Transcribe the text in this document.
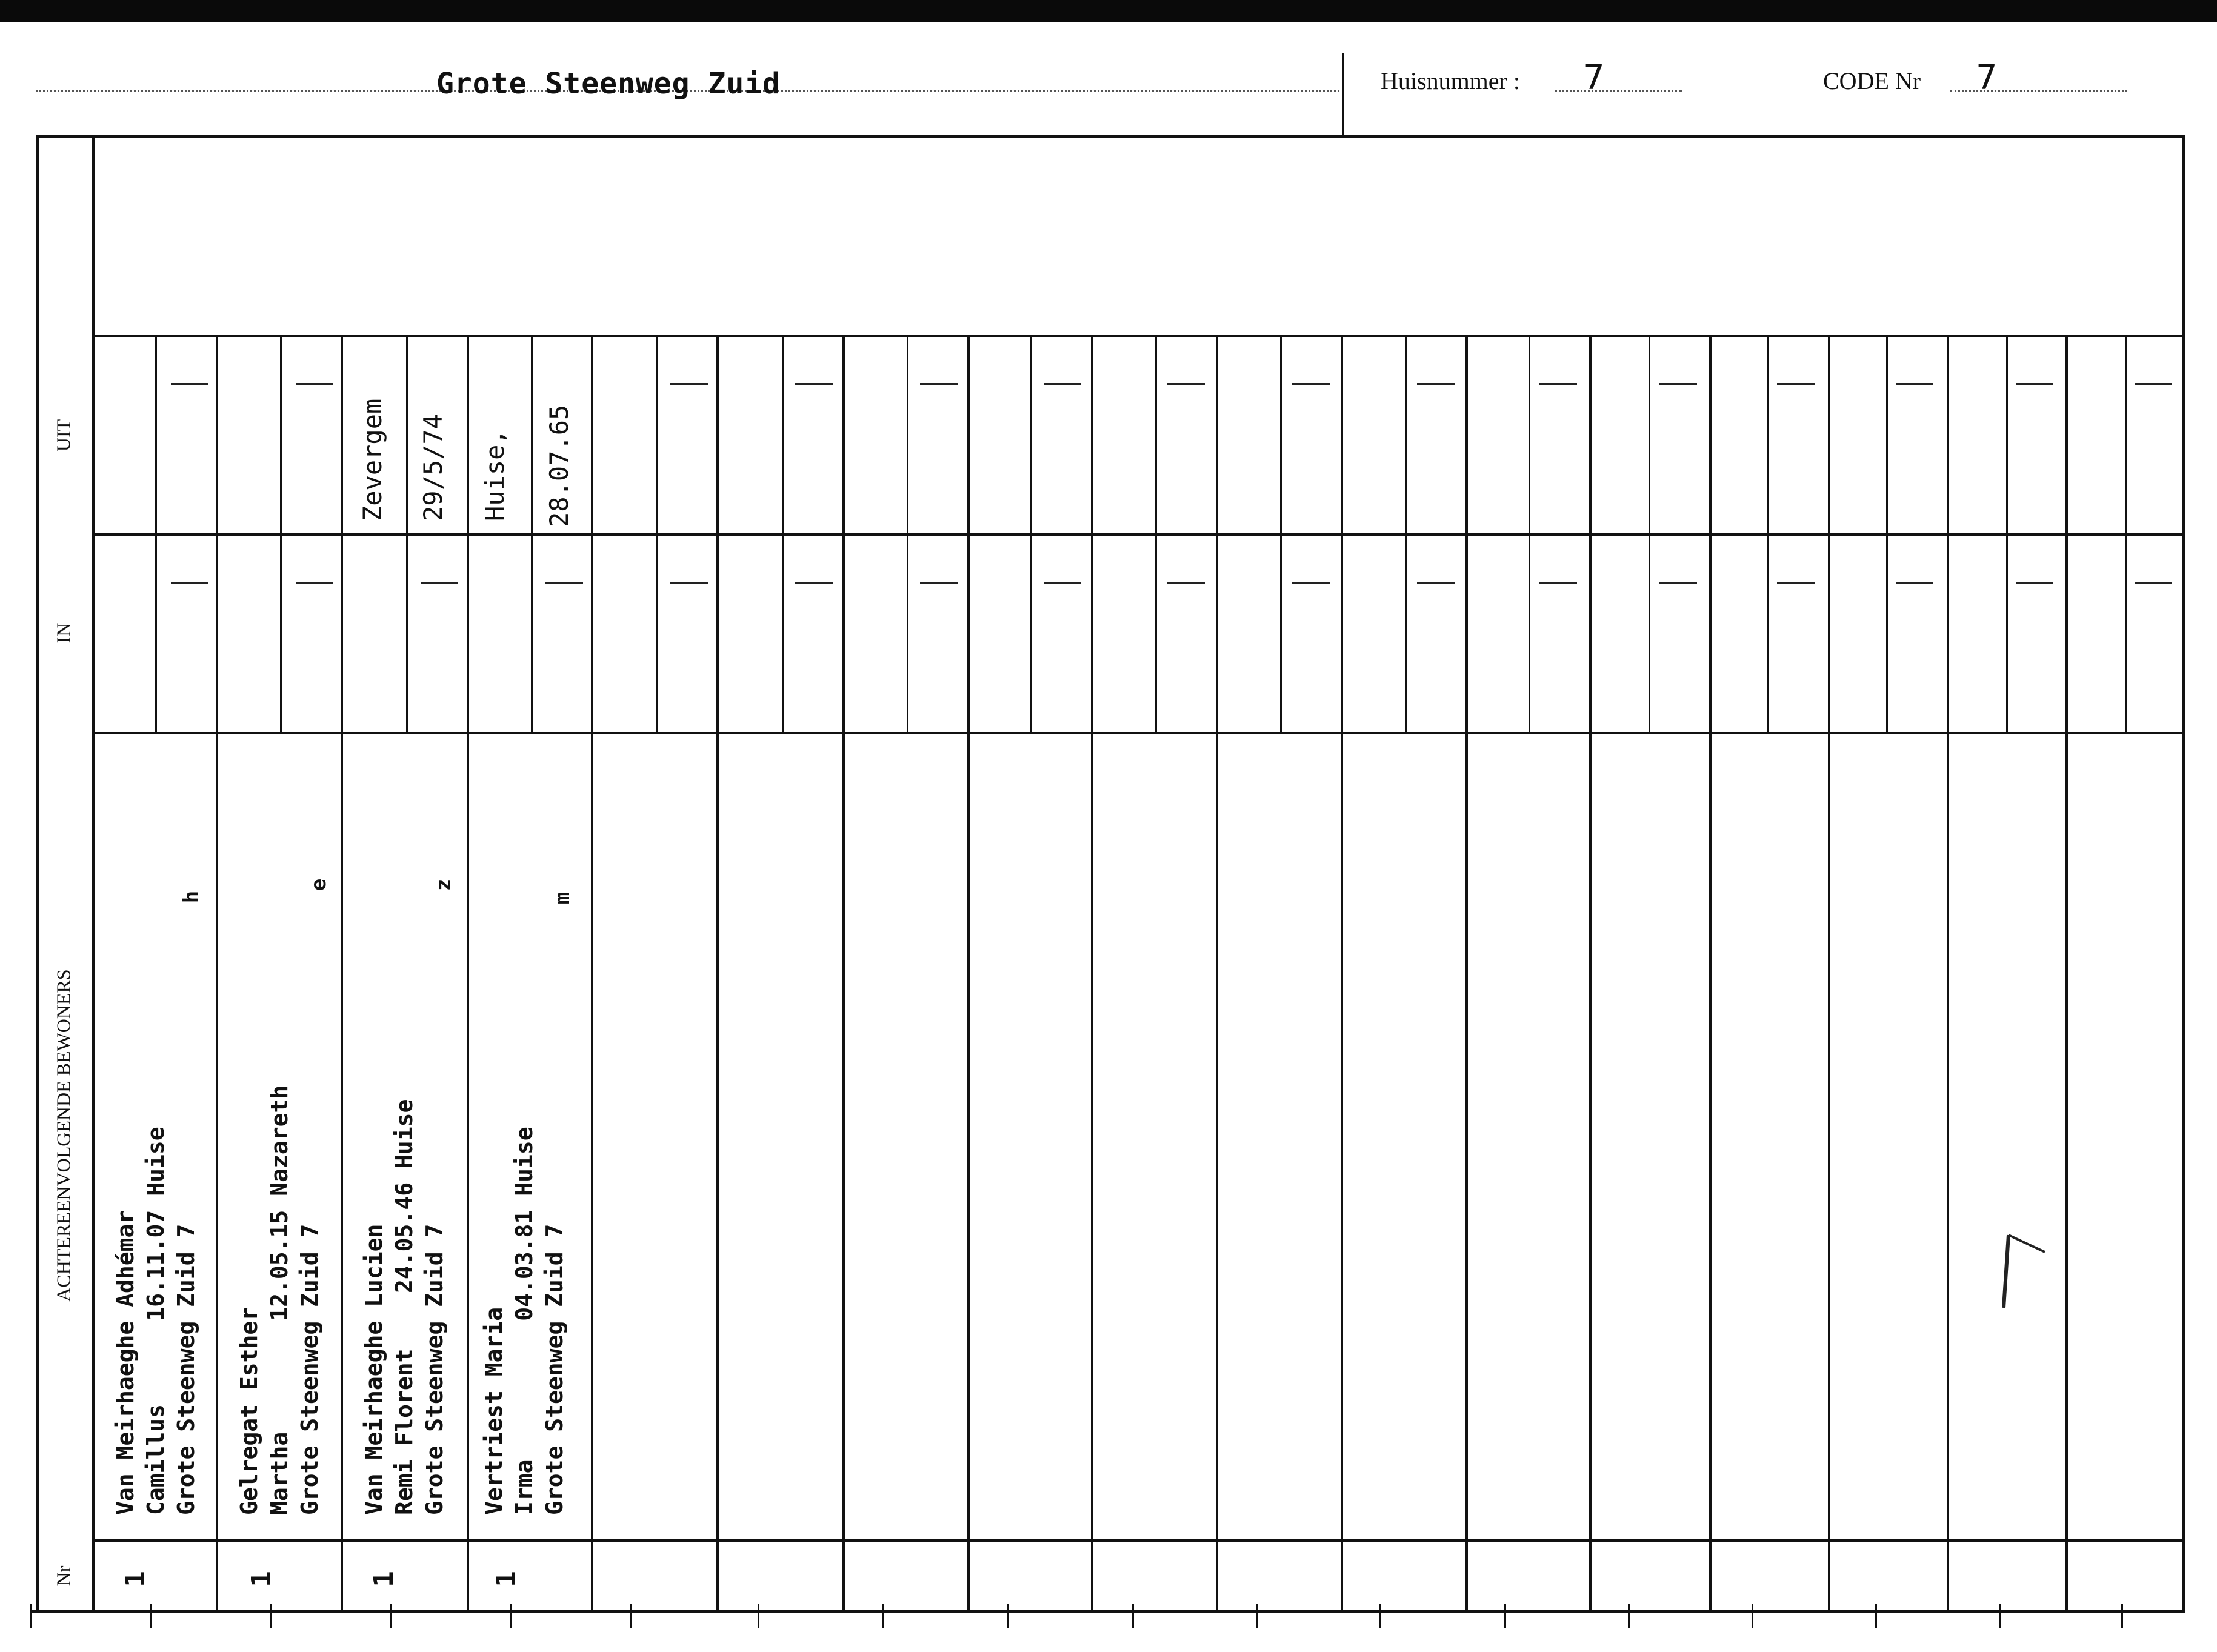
Grote Steenweg Zuid	Huisnummer : 7	CODE Nr 7
UIT
IN
ACHTEREENVOLGENDE BEWONERS
Nr
Zevergem 29/5/74 Huise, 28.07.65
Van Meirhaeghe Adhémar Camillus      16.11.07 Huise Grote Steenweg Zuid 7
h
1
Gelregat Esther Martha        12.05.15 Nazareth Grote Steenweg Zuid 7
e
1
Van Meirhaeghe Lucien Remi Florent    24.05.46 Huise Grote Steenweg Zuid 7
z
1
Vertriest Maria Irma          04.03.81 Huise Grote Steenweg Zuid 7
m
1
